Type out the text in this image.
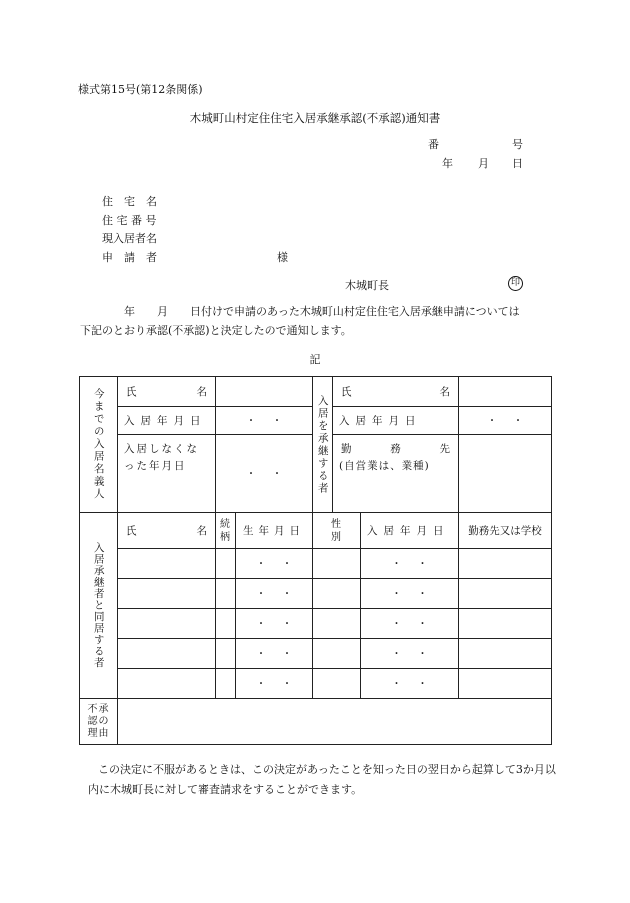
様式第15号(第12条関係)
木城町山村定住住宅入居承継承認(不承認)通知書
番	号
年 月 日
住　宅　名
住 宅 番 号
現入居者名
申　請　者	様
木城町長	印
年　　月　　日付けで申請のあった木城町山村定住住宅入居承継申請については
下記のとおり承認(不承認)と決定したので通知します。
記
今までの入居名義人	氏 名			入居を承継する者	氏 名		

	入居年月日	・ ・			入居年月日		・ ・

	入居しなくなった年月日	・ ・			勤 務 先
(自営業は、業種)		

入居承継者と同居する者	氏 名	続柄	生年月日	性別		入居年月日	勤務先又は学校

			・ ・			・ ・	
			・ ・			・ ・	
			・ ・			・ ・	
			・ ・			・ ・	
			・ ・			・ ・	

不承認の理由							

この決定に不服があるときは、この決定があったことを知った日の翌日から起算して3か月以内に木城町長に対して審査請求をすることができます。
